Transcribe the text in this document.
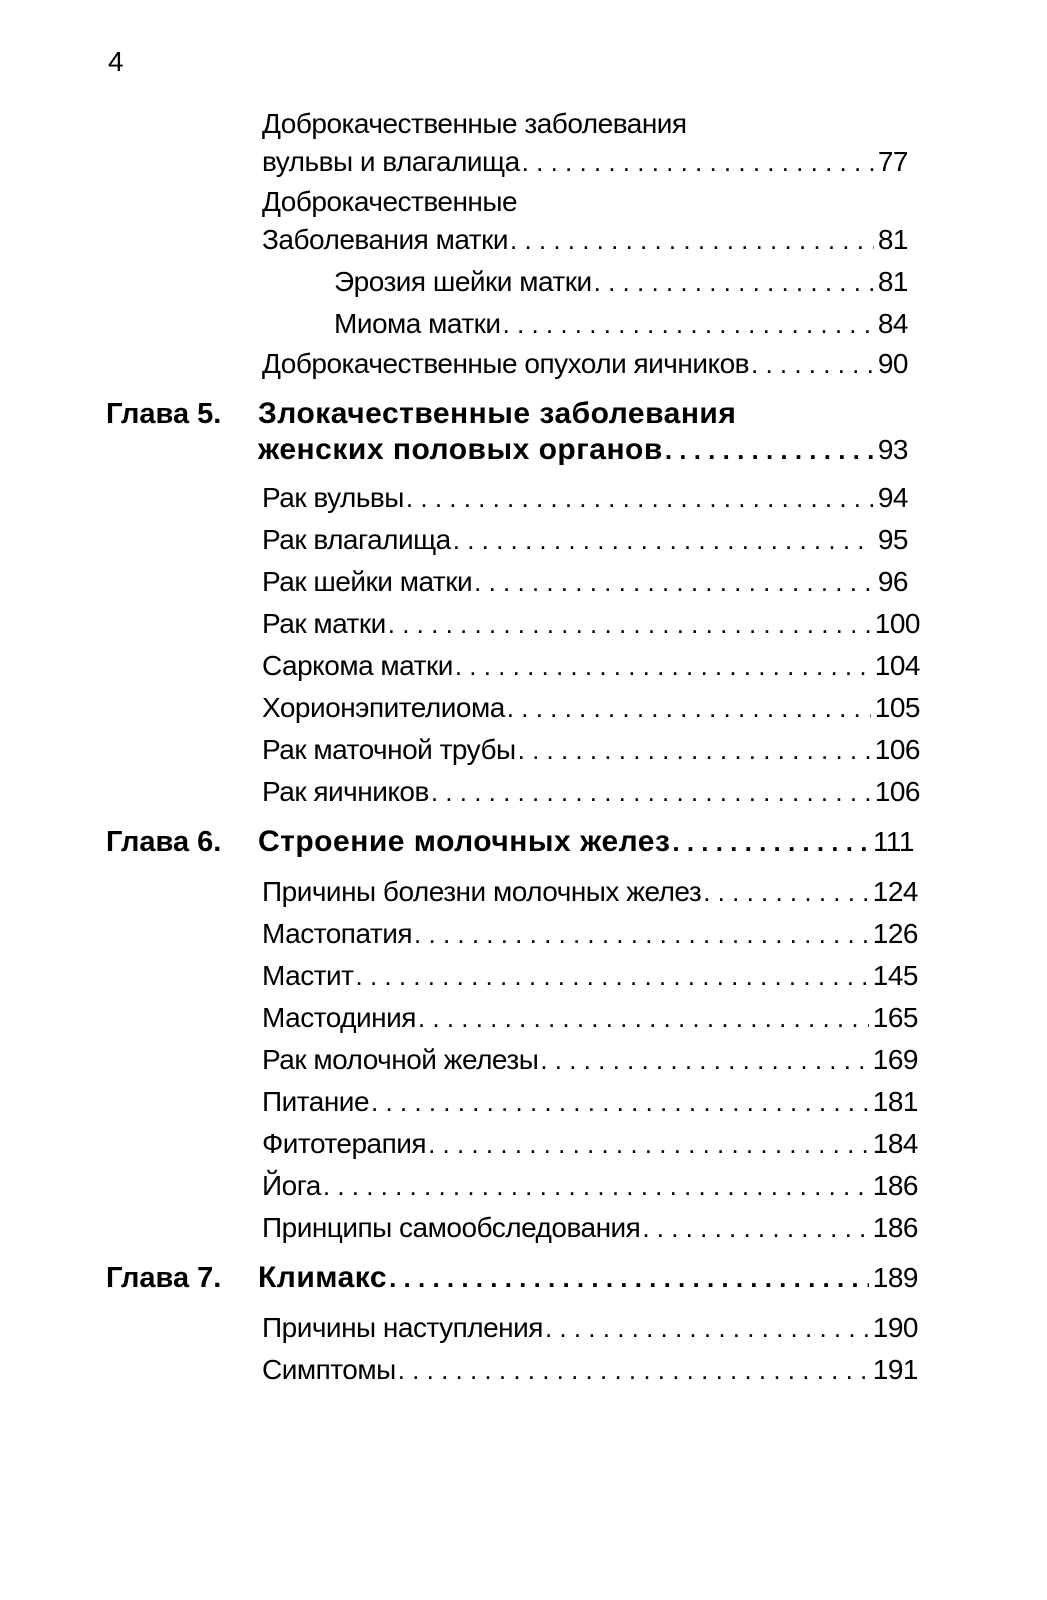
4
Доброкачественные заболевания
вульвы и влагалища . . .	77
Доброкачественные
Заболевания матки . . .	81
Эрозия шейки матки . . .	81
Миома матки . . .	84
Доброкачественные опухоли яичников . . .	90
Глава 5. Злокачественные заболевания
женских половых органов . . .	93
Рак вульвы . . .	94
Рак влагалища . . .	95
Рак шейки матки . . .	96
Рак матки . . .	100
Саркома матки . . .	104
Хорионэпителиома . . .	105
Рак маточной трубы . . .	106
Рак яичников . . .	106
Глава 6. Строение молочных желез . . .	111
Причины болезни молочных желез . . .	124
Мастопатия . . .	126
Мастит . . .	145
Мастодиния . . .	165
Рак молочной железы . . .	169
Питание . . .	181
Фитотерапия . . .	184
Йога . . .	186
Принципы самообследования . . .	186
Глава 7. Климакс . . .	189
Причины наступления . . .	190
Симптомы . . .	191
